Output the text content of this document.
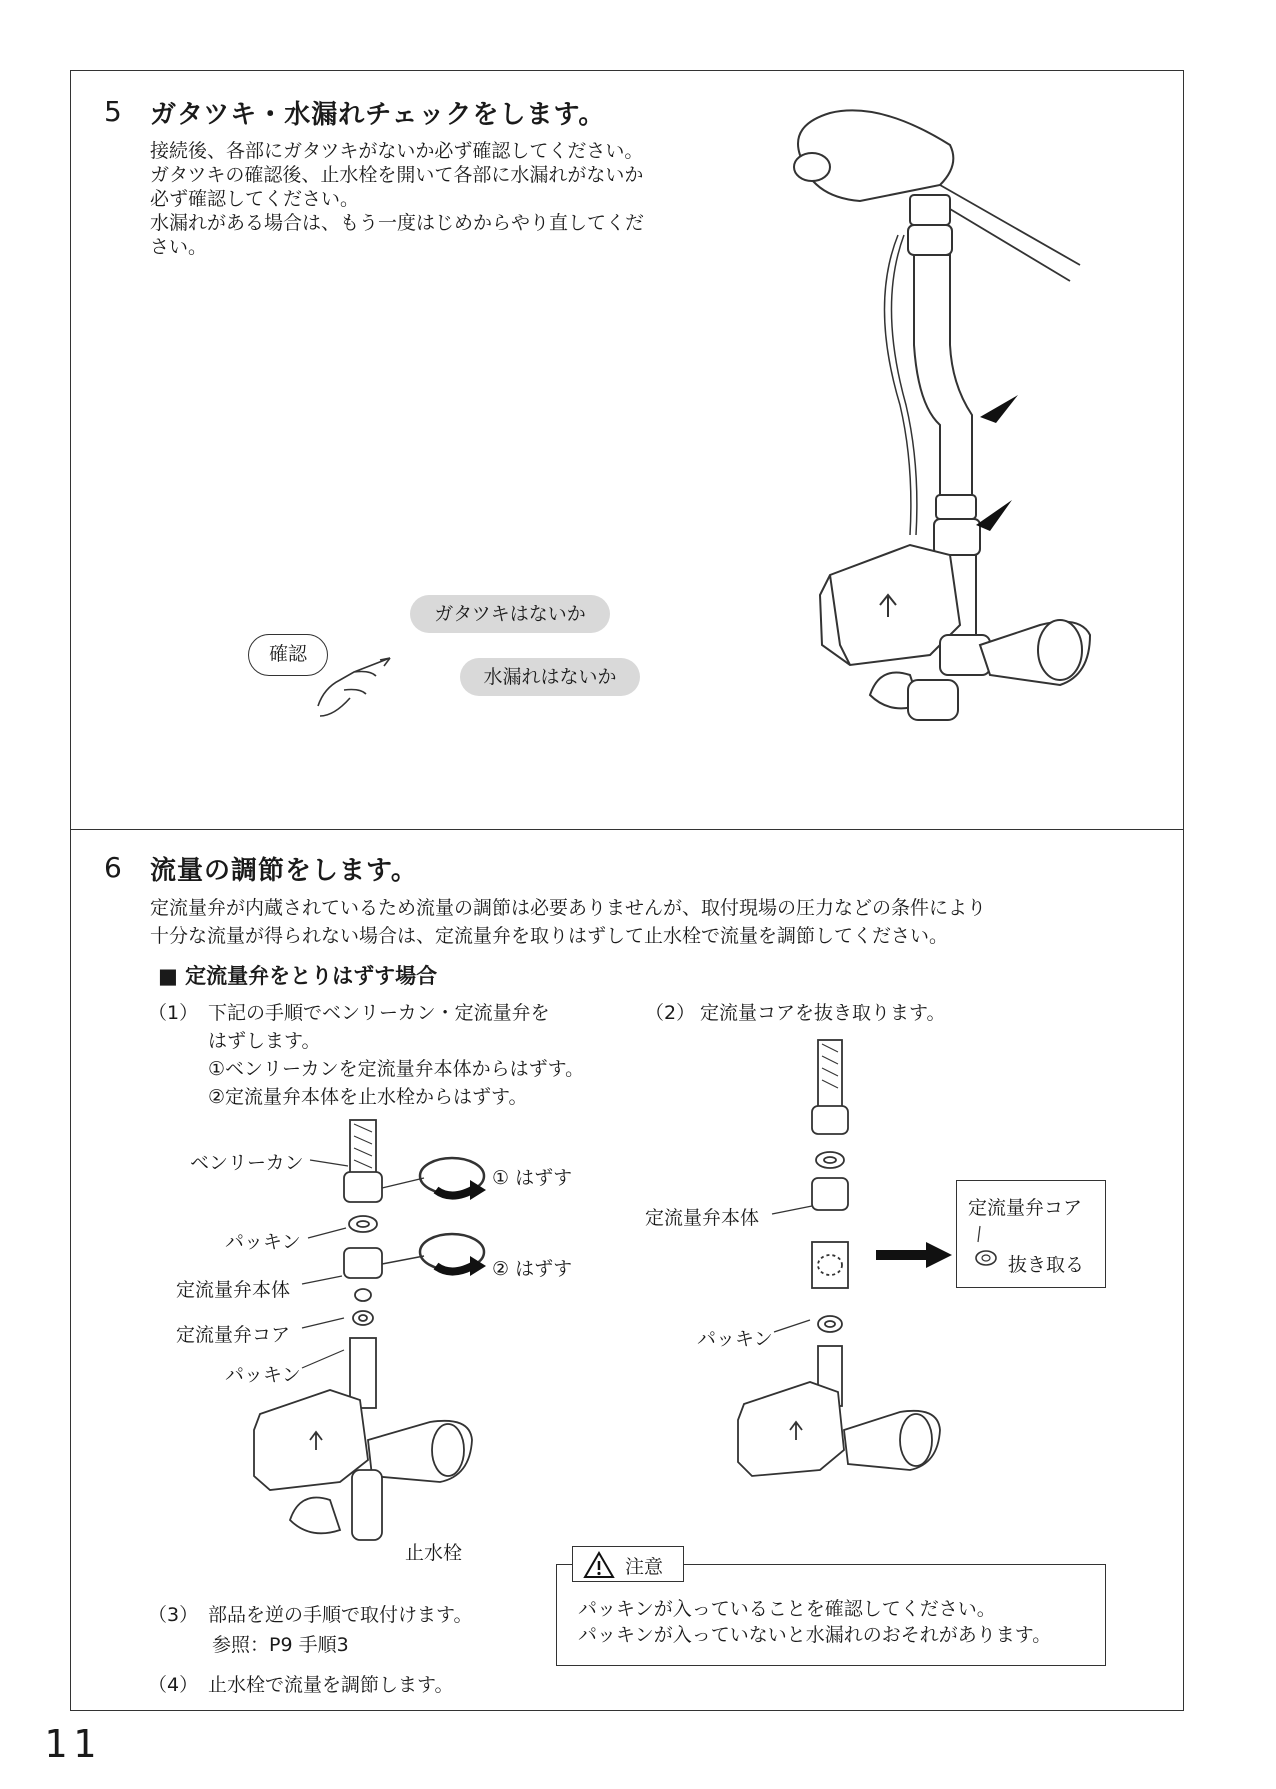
5 ガタツキ・水漏れチェックをします。
接続後、各部にガタツキがないか必ず確認してください。
ガタツキの確認後、止水栓を開いて各部に水漏れがないか
必ず確認してください。
水漏れがある場合は、もう一度はじめからやり直してくだ
さい。
確認
ガタツキはないか
水漏れはないか
6 流量の調節をします。
定流量弁が内蔵されているため流量の調節は必要ありませんが、取付現場の圧力などの条件により
十分な流量が得られない場合は、定流量弁を取りはずして止水栓で流量を調節してください。
■ 定流量弁をとりはずす場合
（1） 下記の手順でベンリーカン・定流量弁を
はずします。
①ベンリーカンを定流量弁本体からはずす。
②定流量弁本体を止水栓からはずす。
（2） 定流量コアを抜き取ります。
ベンリーカン
パッキン
定流量弁本体
定流量弁コア
パッキン
止水栓
① はずす
② はずす
定流量弁コア
抜き取る
定流量弁本体
パッキン
注意
パッキンが入っていることを確認してください。
パッキンが入っていないと水漏れのおそれがあります。
（3） 部品を逆の手順で取付けます。
参照：P9 手順3
（4） 止水栓で流量を調節します。
11
